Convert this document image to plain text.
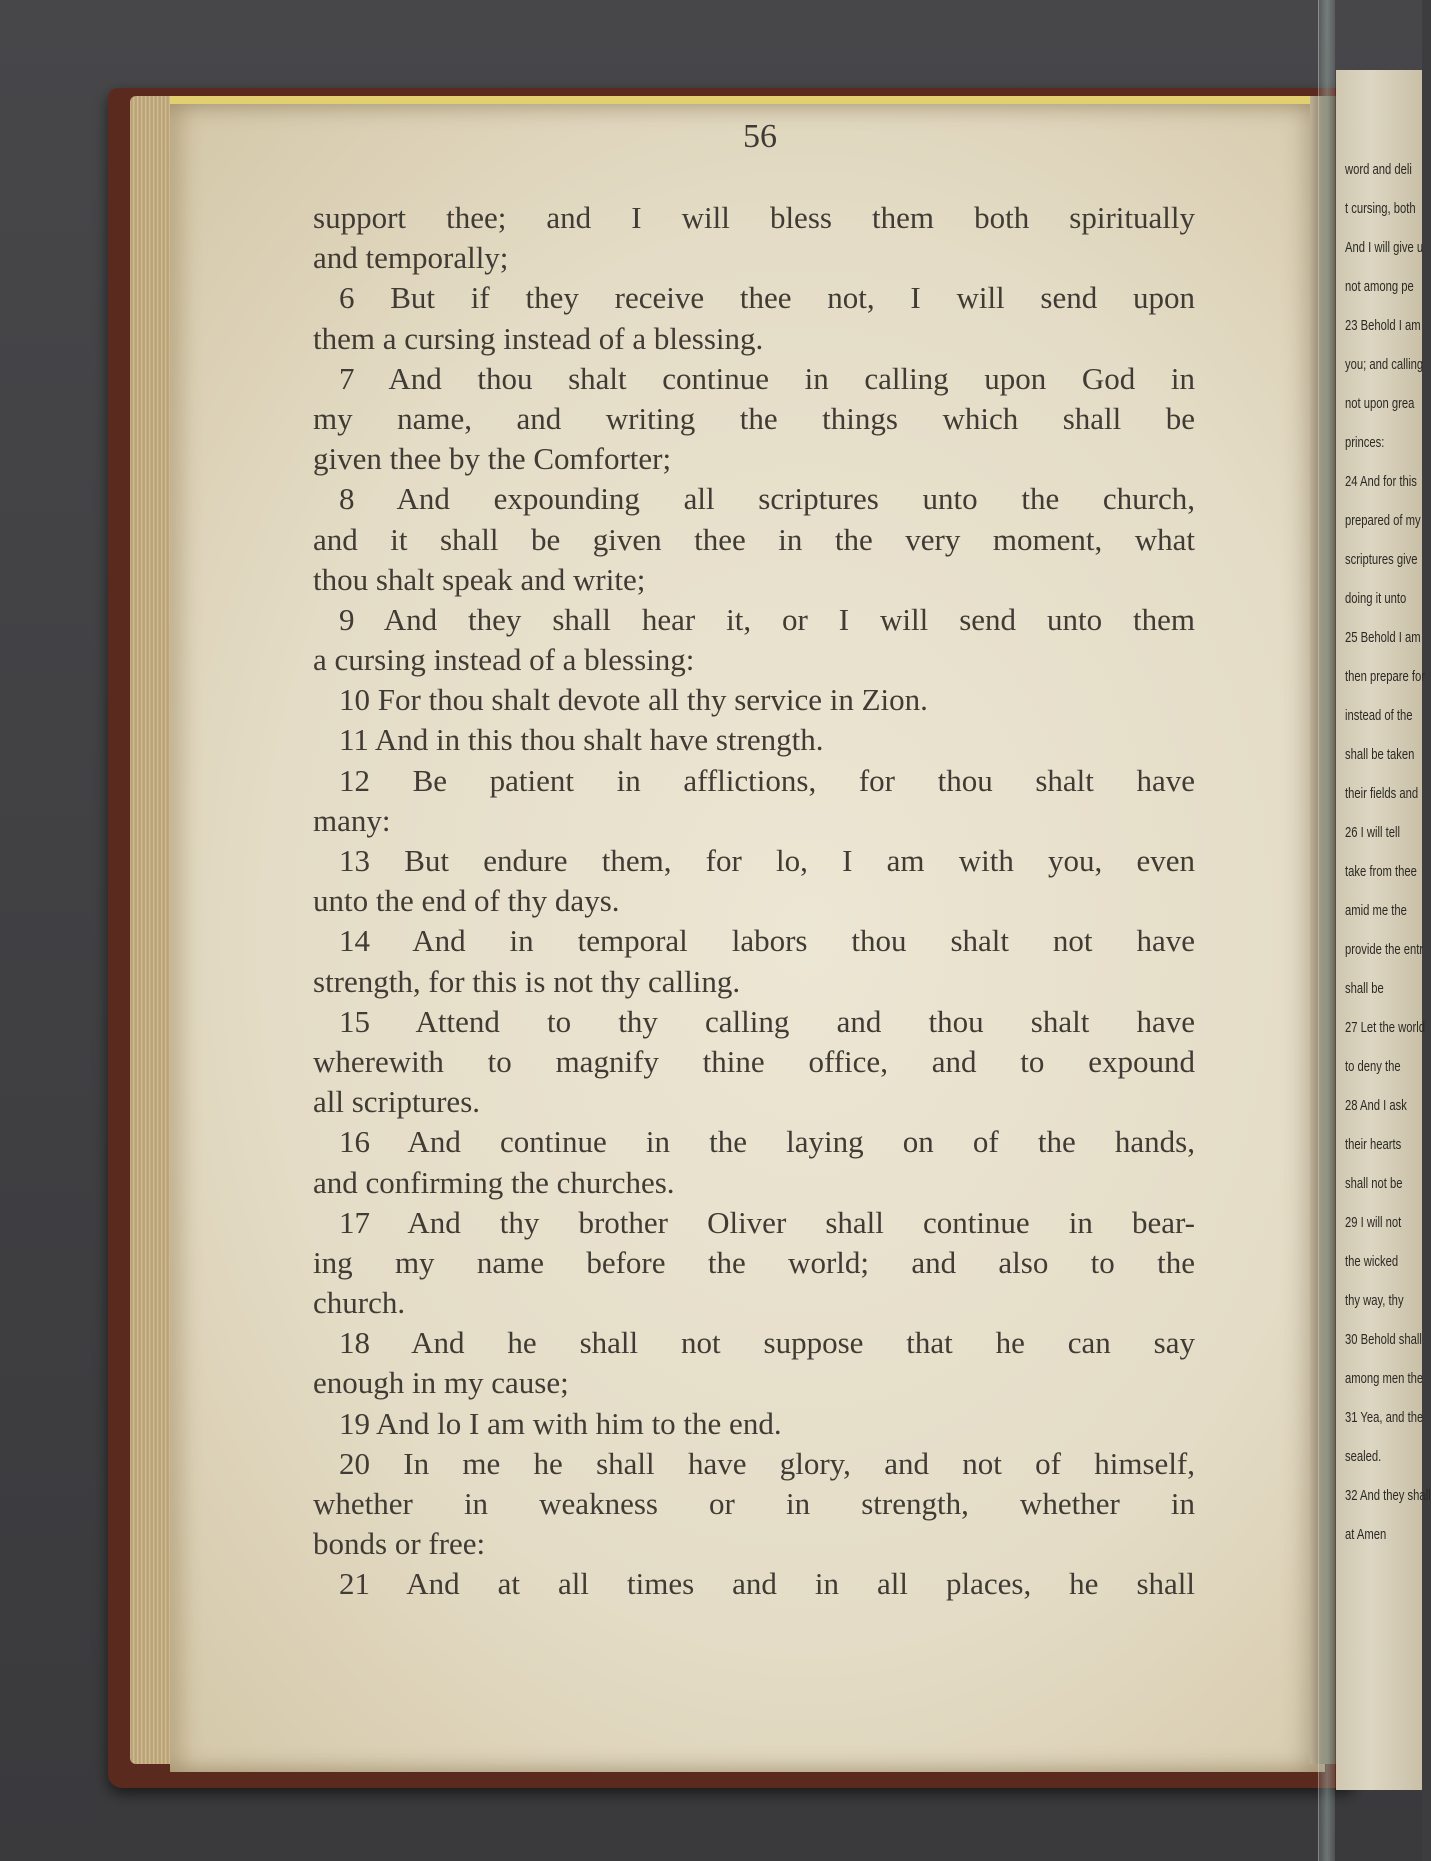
56
support thee; and I will bless them both spiritually
and temporally;
6 But if they receive thee not, I will send upon
them a cursing instead of a blessing.
7 And thou shalt continue in calling upon God in
my name, and writing the things which shall be
given thee by the Comforter;
8 And expounding all scriptures unto the church,
and it shall be given thee in the very moment, what
thou shalt speak and write;
9 And they shall hear it, or I will send unto them
a cursing instead of a blessing:
10 For thou shalt devote all thy service in Zion.
11 And in this thou shalt have strength.
12 Be patient in afflictions, for thou shalt have
many:
13 But endure them, for lo, I am with you, even
unto the end of thy days.
14 And in temporal labors thou shalt not have
strength, for this is not thy calling.
15 Attend to thy calling and thou shalt have
wherewith to magnify thine office, and to expound
all scriptures.
16 And continue in the laying on of the hands,
and confirming the churches.
17 And thy brother Oliver shall continue in bear-
ing my name before the world; and also to the
church.
18 And he shall not suppose that he can say
enough in my cause;
19 And lo I am with him to the end.
20 In me he shall have glory, and not of himself,
whether in weakness or in strength, whether in
bonds or free:
21 And at all times and in all places, he shall
word and deli
t cursing, both
And I will give u
not among pe
23 Behold I am
you; and calling
not upon grea
princes:
24 And for this
prepared of my
scriptures give
doing it unto
25 Behold I am
then prepare for
instead of the
shall be taken
their fields and
26 I will tell
take from thee
amid me the
provide the entr
shall be
27 Let the world
to deny the
28 And I ask
their hearts
shall not be
29 I will not
the wicked
thy way, thy
30 Behold shall
among men the
31 Yea, and the
sealed.
32 And they shall
at Amen
